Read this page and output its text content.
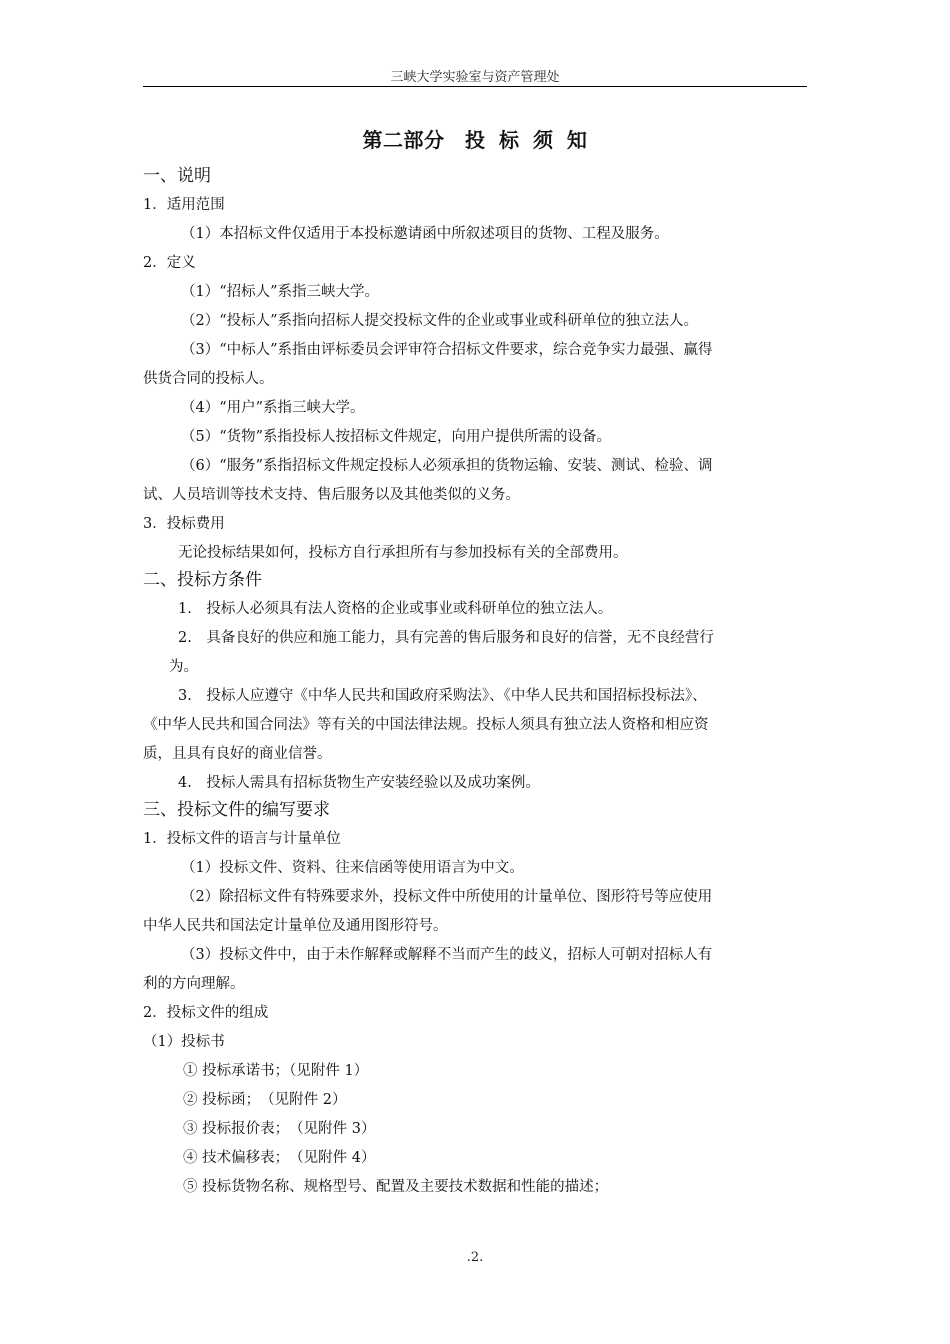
三峡大学实验室与资产管理处
第二部分　投 标 须 知
一、说明

1．适用范围

（1）本招标文件仅适用于本投标邀请函中所叙述项目的货物、工程及服务。

2．定义

（1）“招标人”系指三峡大学。

（2）“投标人”系指向招标人提交投标文件的企业或事业或科研单位的独立法人。

（3）“中标人”系指由评标委员会评审符合招标文件要求，综合竞争实力最强、赢得

供货合同的投标人。

（4）“用户”系指三峡大学。

（5）“货物”系指投标人按招标文件规定，向用户提供所需的设备。

（6）“服务”系指招标文件规定投标人必须承担的货物运输、安装、测试、检验、调

试、人员培训等技术支持、售后服务以及其他类似的义务。

3．投标费用

无论投标结果如何，投标方自行承担所有与参加投标有关的全部费用。

二、投标方条件

1.　投标人必须具有法人资格的企业或事业或科研单位的独立法人。

2.　具备良好的供应和施工能力，具有完善的售后服务和良好的信誉，无不良经营行

为。

3.　投标人应遵守《中华人民共和国政府采购法》、《中华人民共和国招标投标法》、

《中华人民共和国合同法》等有关的中国法律法规。投标人须具有独立法人资格和相应资

质，且具有良好的商业信誉。

4.　投标人需具有招标货物生产安装经验以及成功案例。

三、投标文件的编写要求

1．投标文件的语言与计量单位

（1）投标文件、资料、往来信函等使用语言为中文。

（2）除招标文件有特殊要求外，投标文件中所使用的计量单位、图形符号等应使用

中华人民共和国法定计量单位及通用图形符号。

（3）投标文件中，由于未作解释或解释不当而产生的歧义，招标人可朝对招标人有

利的方向理解。

2．投标文件的组成

（1）投标书

① 投标承诺书；（见附件 1）

② 投标函；　（见附件 2）

③ 投标报价表；　（见附件 3）

④ 技术偏移表；　（见附件 4）

⑤ 投标货物名称、规格型号、配置及主要技术数据和性能的描述；

.2.
